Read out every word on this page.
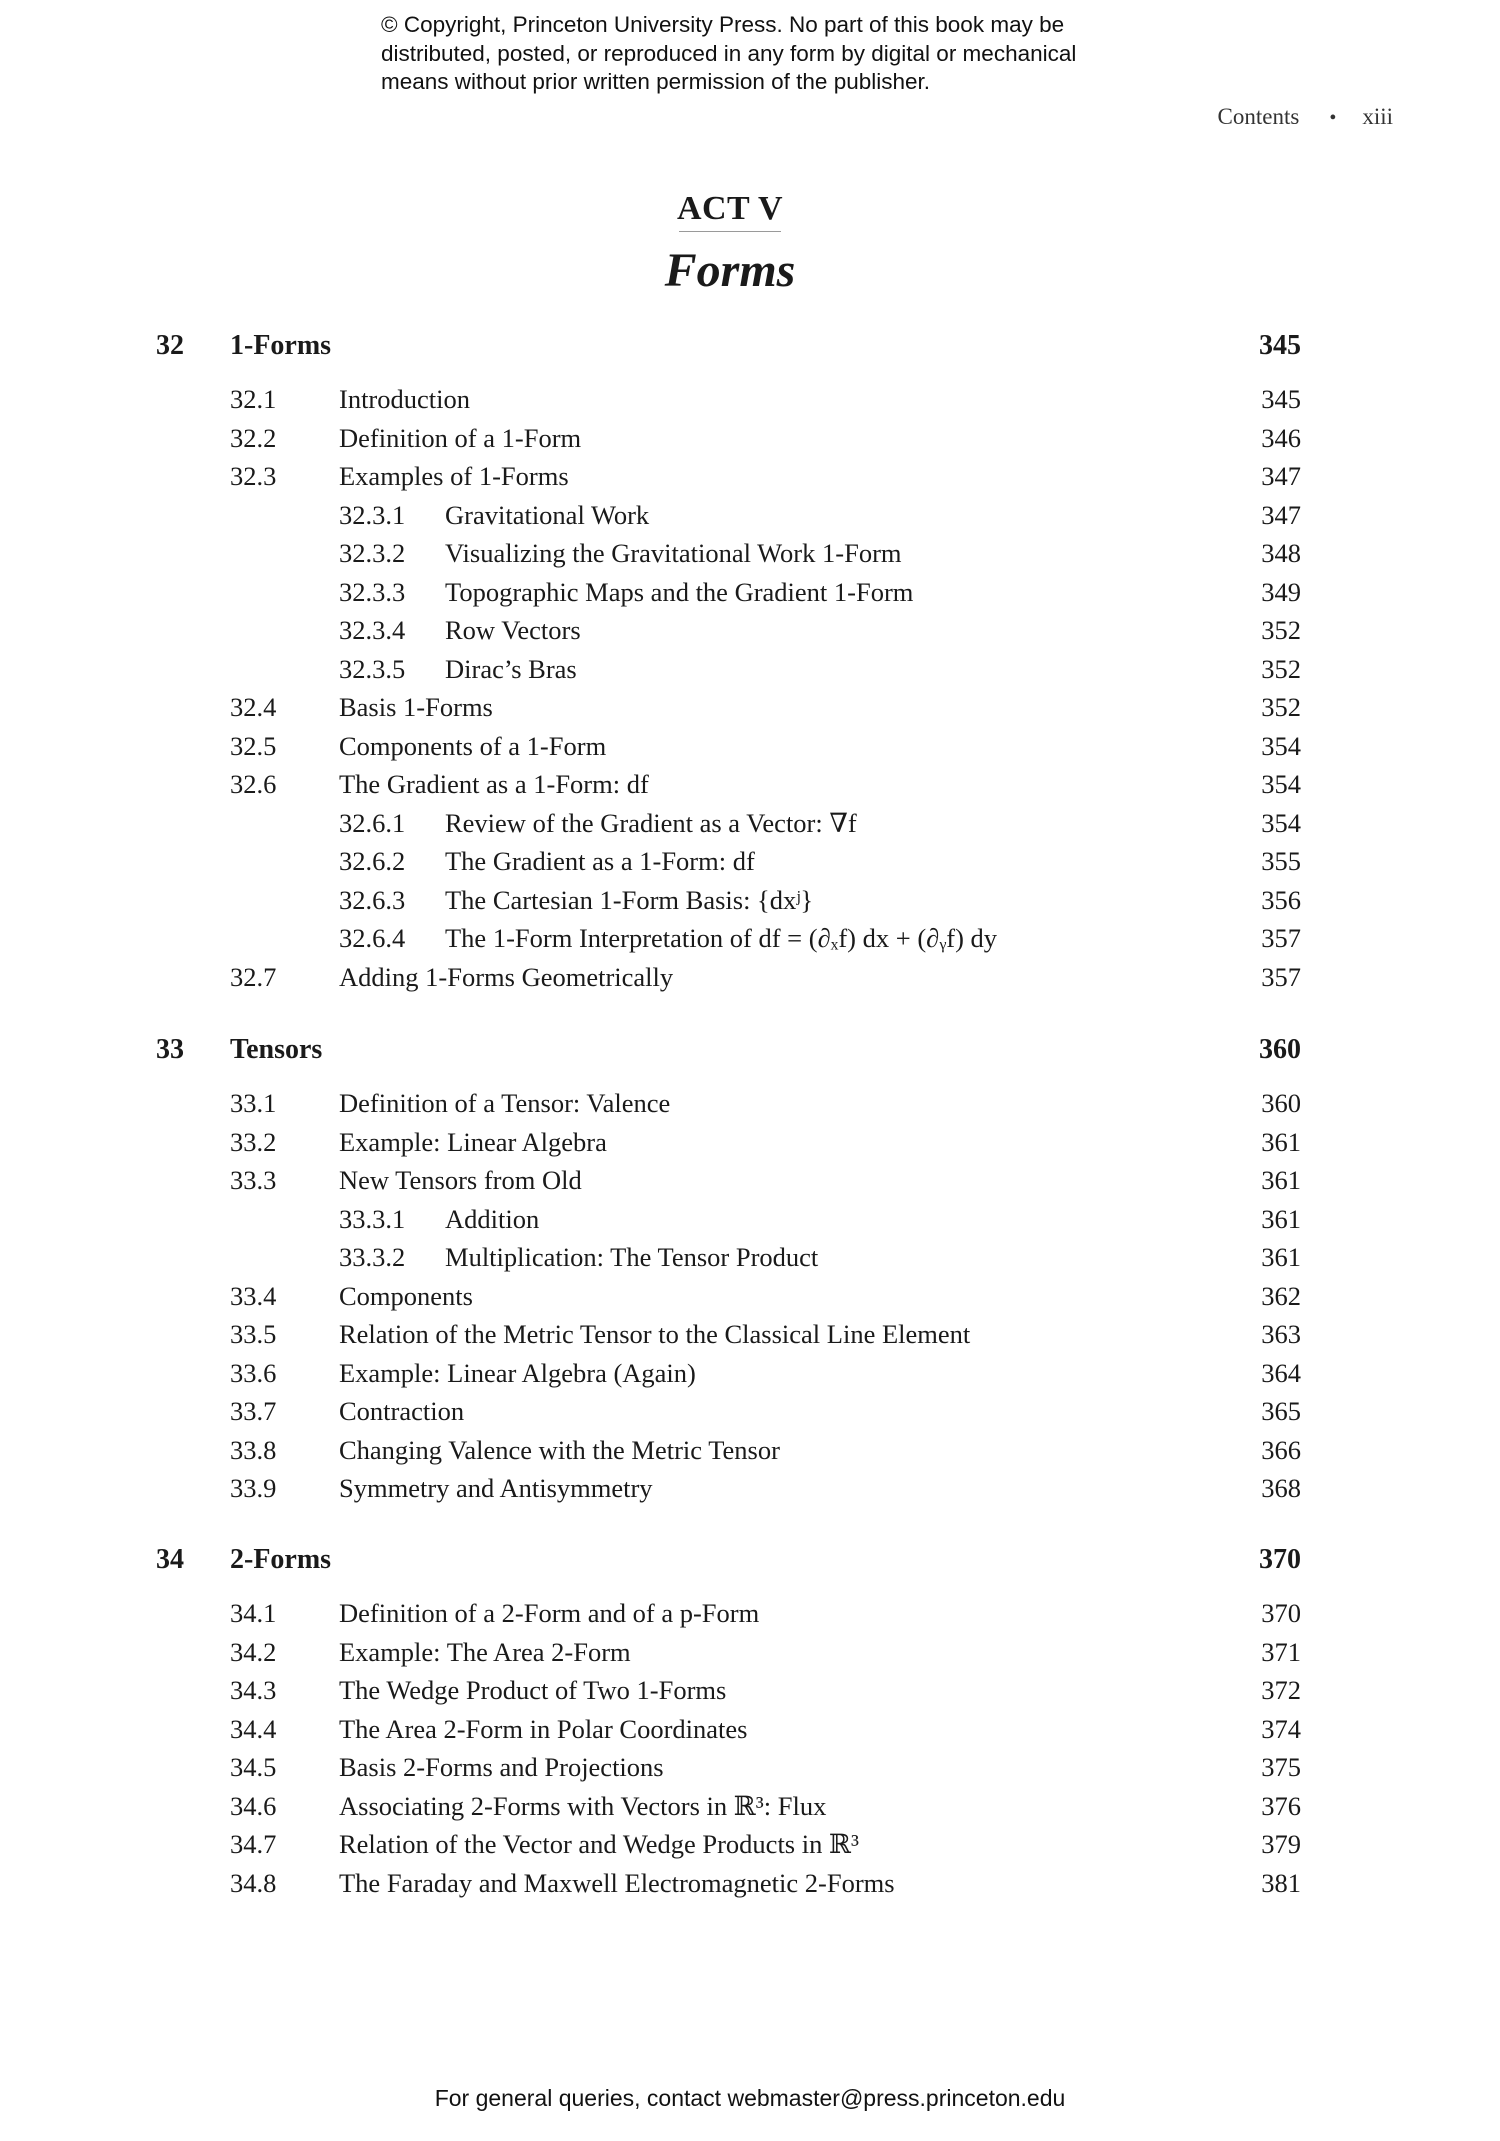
© Copyright, Princeton University Press. No part of this book may be
distributed, posted, or reproduced in any form by digital or mechanical
means without prior written permission of the publisher.
Contents • xiii
ACT V
Forms
32 1-Forms	345
32.1 Introduction	345
32.2 Definition of a 1-Form	346
32.3 Examples of 1-Forms	347
32.3.1 Gravitational Work	347
32.3.2 Visualizing the Gravitational Work 1-Form	348
32.3.3 Topographic Maps and the Gradient 1-Form	349
32.3.4 Row Vectors	352
32.3.5 Dirac’s Bras	352
32.4 Basis 1-Forms	352
32.5 Components of a 1-Form	354
32.6 The Gradient as a 1-Form: df	354
32.6.1 Review of the Gradient as a Vector: ∇f	354
32.6.2 The Gradient as a 1-Form: df	355
32.6.3 The Cartesian 1-Form Basis: {dxʲ}	356
32.6.4 The 1-Form Interpretation of df = (∂ₓf) dx + (∂ᵧf) dy	357
32.7 Adding 1-Forms Geometrically	357
33 Tensors	360
33.1 Definition of a Tensor: Valence	360
33.2 Example: Linear Algebra	361
33.3 New Tensors from Old	361
33.3.1 Addition	361
33.3.2 Multiplication: The Tensor Product	361
33.4 Components	362
33.5 Relation of the Metric Tensor to the Classical Line Element	363
33.6 Example: Linear Algebra (Again)	364
33.7 Contraction	365
33.8 Changing Valence with the Metric Tensor	366
33.9 Symmetry and Antisymmetry	368
34 2-Forms	370
34.1 Definition of a 2-Form and of a p-Form	370
34.2 Example: The Area 2-Form	371
34.3 The Wedge Product of Two 1-Forms	372
34.4 The Area 2-Form in Polar Coordinates	374
34.5 Basis 2-Forms and Projections	375
34.6 Associating 2-Forms with Vectors in ℝ³: Flux	376
34.7 Relation of the Vector and Wedge Products in ℝ³	379
34.8 The Faraday and Maxwell Electromagnetic 2-Forms	381
For general queries, contact webmaster@press.princeton.edu
